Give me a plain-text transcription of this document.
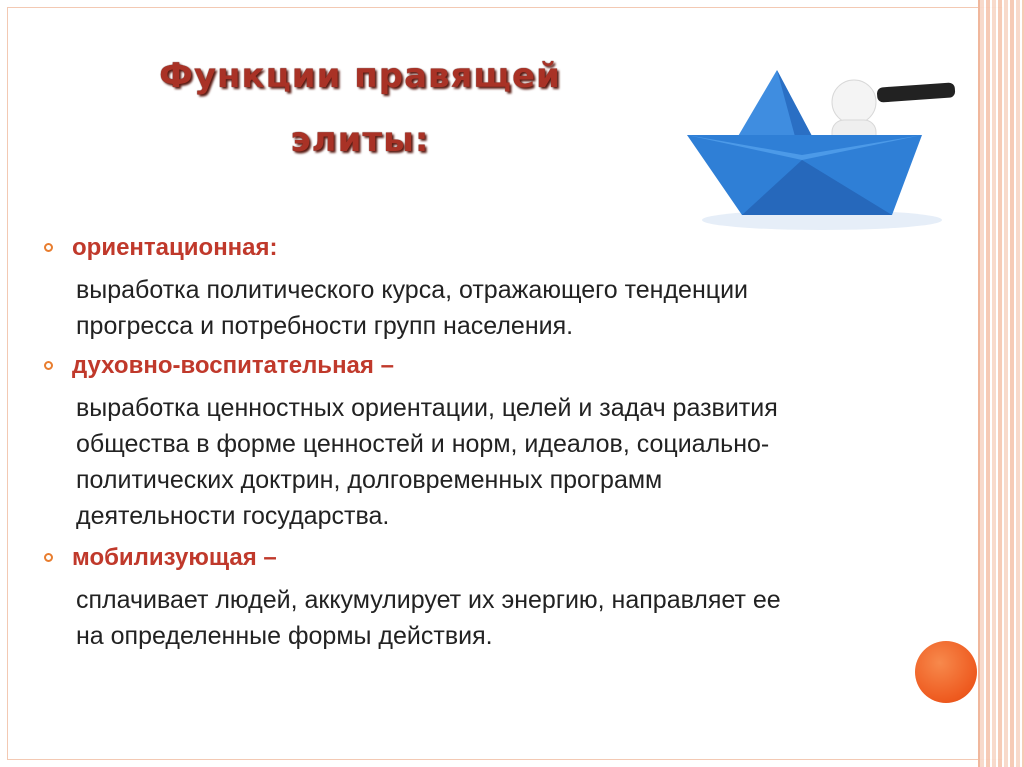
Функции правящей
элиты:
ориентационная:
выработка политического курса, отражающего тенденции
прогресса и потребности групп населения.
духовно-воспитательная –
выработка ценностных ориентации, целей и задач развития
общества в форме ценностей и норм, идеалов, социально-
политических доктрин, долговременных программ
деятельности государства.
мобилизующая –
сплачивает людей, аккумулирует их энергию, направляет ее
на определенные формы действия.
